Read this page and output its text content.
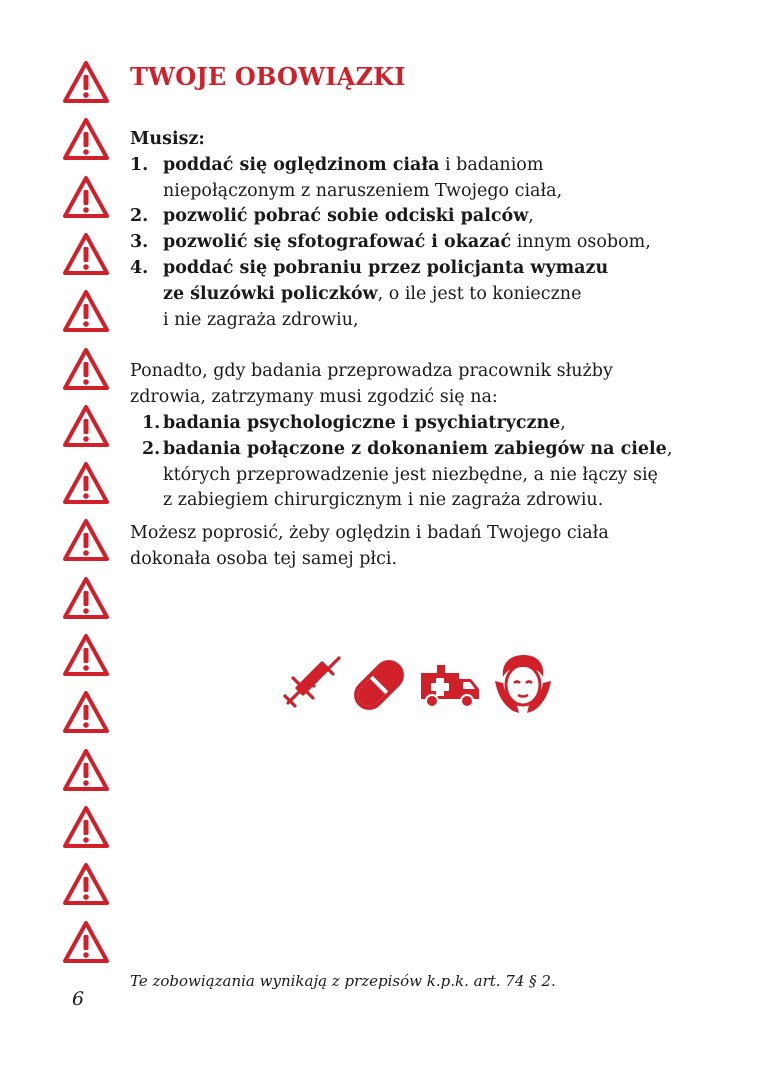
TWOJE OBOWIĄZKI

Musisz:

1. poddać się oględzinom ciała i badaniom
niepołączonym z naruszeniem Twojego ciała,
2. pozwolić pobrać sobie odciski palców,
3. pozwolić się sfotografować i okazać innym osobom,
4. poddać się pobraniu przez policjanta wymazu
ze śluzówki policzków, o ile jest to konieczne
i nie zagraża zdrowiu,

Ponadto, gdy badania przeprowadza pracownik służby

zdrowia, zatrzymany musi zgodzić się na:

1. badania psychologiczne i psychiatryczne,
2. badania połączone z dokonaniem zabiegów na ciele,
których przeprowadzenie jest niezbędne, a nie łączy się
z zabiegiem chirurgicznym i nie zagraża zdrowiu.

Możesz poprosić, żeby oględzin i badań Twojego ciała

dokonała osoba tej samej płci.

Te zobowiązania wynikają z przepisów k.p.k. art. 74 § 2.
6
